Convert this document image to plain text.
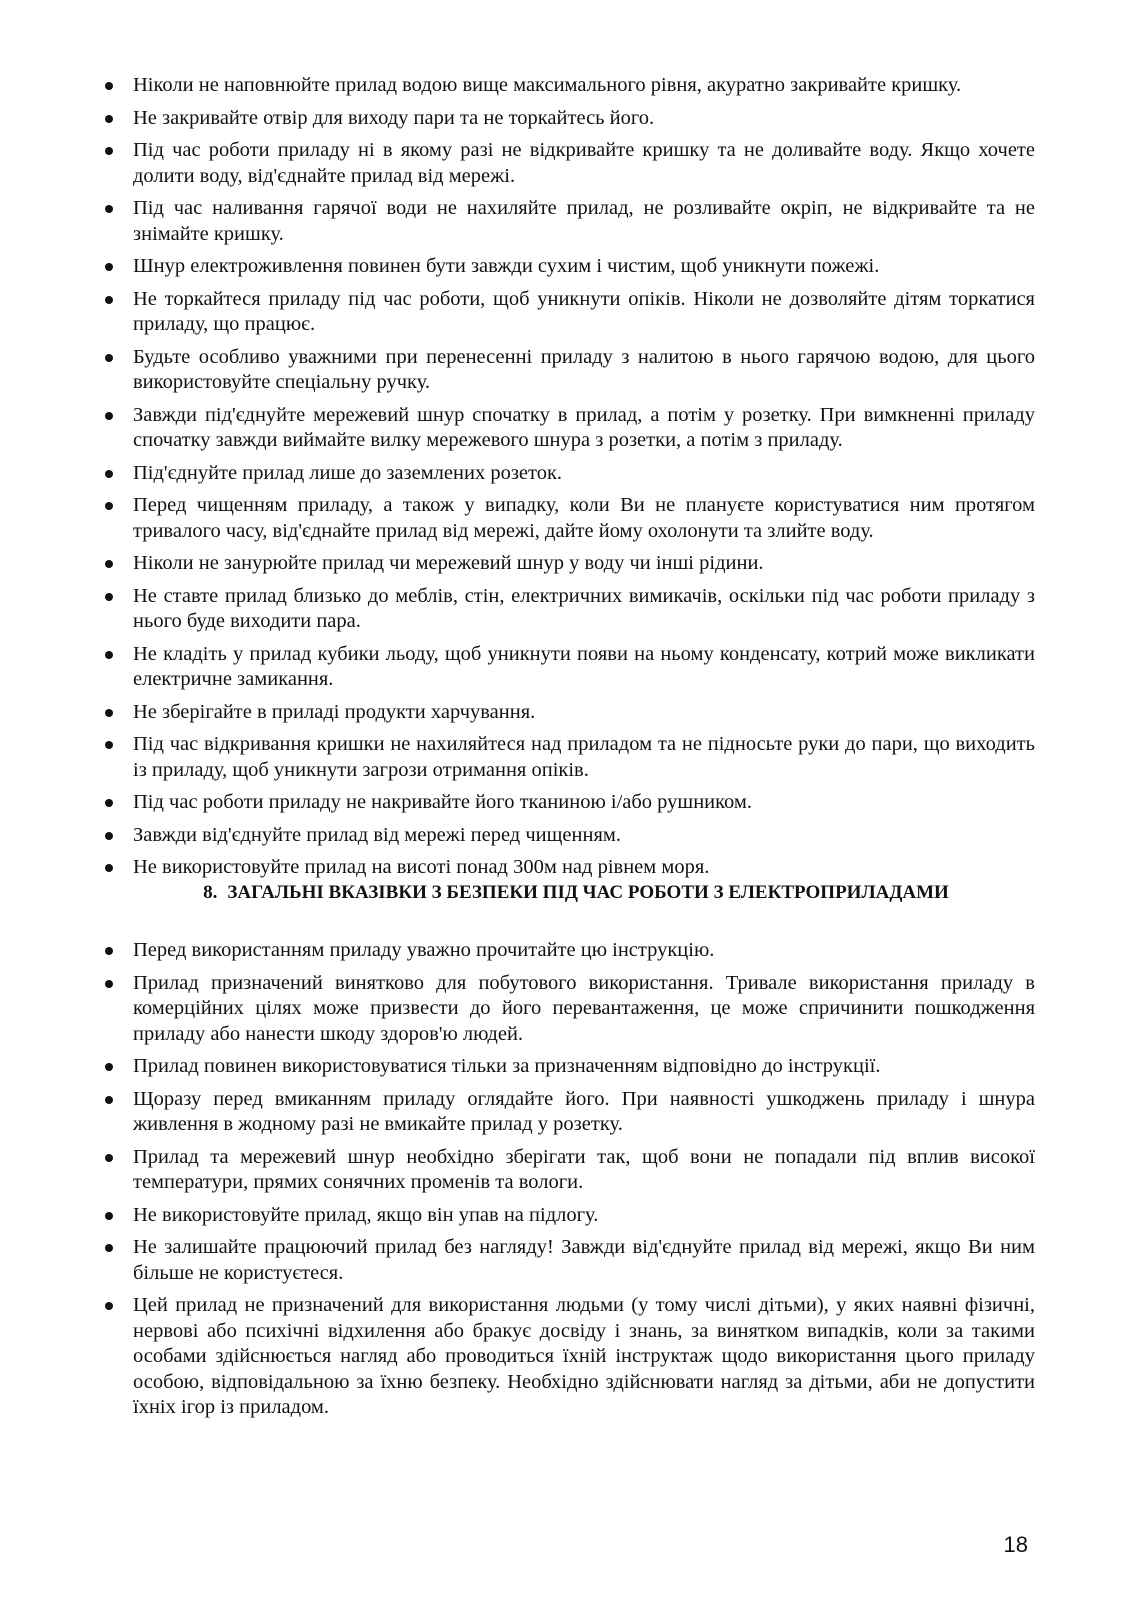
Ніколи не наповнюйте прилад водою вище максимального рівня, акуратно закривайте кришку.
Не закривайте отвір для виходу пари та не торкайтесь його.
Під час роботи приладу ні в якому разі не відкривайте кришку та не доливайте воду. Якщо хочете долити воду, від'єднайте прилад від мережі.
Під час наливання гарячої води не нахиляйте прилад, не розливайте окріп, не відкривайте та не знімайте кришку.
Шнур електроживлення повинен бути завжди сухим і чистим, щоб уникнути пожежі.
Не торкайтеся приладу під час роботи, щоб уникнути опіків. Ніколи не дозволяйте дітям торкатися приладу, що працює.
Будьте особливо уважними при перенесенні приладу з налитою в нього гарячою водою, для цього використовуйте спеціальну ручку.
Завжди під'єднуйте мережевий шнур спочатку в прилад, а потім у розетку. При вимкненні приладу спочатку завжди виймайте вилку мережевого шнура з розетки, а потім з приладу.
Під'єднуйте прилад лише до заземлених розеток.
Перед чищенням приладу, а також у випадку, коли Ви не плануєте користуватися ним протягом тривалого часу, від'єднайте прилад від мережі, дайте йому охолонути та злийте воду.
Ніколи не занурюйте прилад чи мережевий шнур у воду чи інші рідини.
Не ставте прилад близько до меблів, стін, електричних вимикачів, оскільки під час роботи приладу з нього буде виходити пара.
Не кладіть у прилад кубики льоду, щоб уникнути появи на ньому конденсату, котрий може викликати електричне замикання.
Не зберігайте в приладі продукти харчування.
Під час відкривання кришки не нахиляйтеся над приладом та не підносьте руки до пари, що виходить із приладу, щоб уникнути загрози отримання опіків.
Під час роботи приладу не накривайте його тканиною і/або рушником.
Завжди від'єднуйте прилад від мережі перед чищенням.
Не використовуйте прилад на висоті понад 300м над рівнем моря.
8. ЗАГАЛЬНІ ВКАЗІВКИ З БЕЗПЕКИ ПІД ЧАС РОБОТИ З ЕЛЕКТРОПРИЛАДАМИ
Перед використанням приладу уважно прочитайте цю інструкцію.
Прилад призначений винятково для побутового використання. Тривале використання приладу в комерційних цілях може призвести до його перевантаження, це може спричинити пошкодження приладу або нанести шкоду здоров'ю людей.
Прилад повинен використовуватися тільки за призначенням відповідно до інструкції.
Щоразу перед вмиканням приладу оглядайте його. При наявності ушкоджень приладу і шнура живлення в жодному разі не вмикайте прилад у розетку.
Прилад та мережевий шнур необхідно зберігати так, щоб вони не попадали під вплив високої температури, прямих сонячних променів та вологи.
Не використовуйте прилад, якщо він упав на підлогу.
Не залишайте працюючий прилад без нагляду! Завжди від'єднуйте прилад від мережі, якщо Ви ним більше не користуєтеся.
Цей прилад не призначений для використання людьми (у тому числі дітьми), у яких наявні фізичні, нервові або психічні відхилення або бракує досвіду і знань, за винятком випадків, коли за такими особами здійснюється нагляд або проводиться їхній інструктаж щодо використання цього приладу особою, відповідальною за їхню безпеку. Необхідно здійснювати нагляд за дітьми, аби не допустити їхніх ігор із приладом.
18
